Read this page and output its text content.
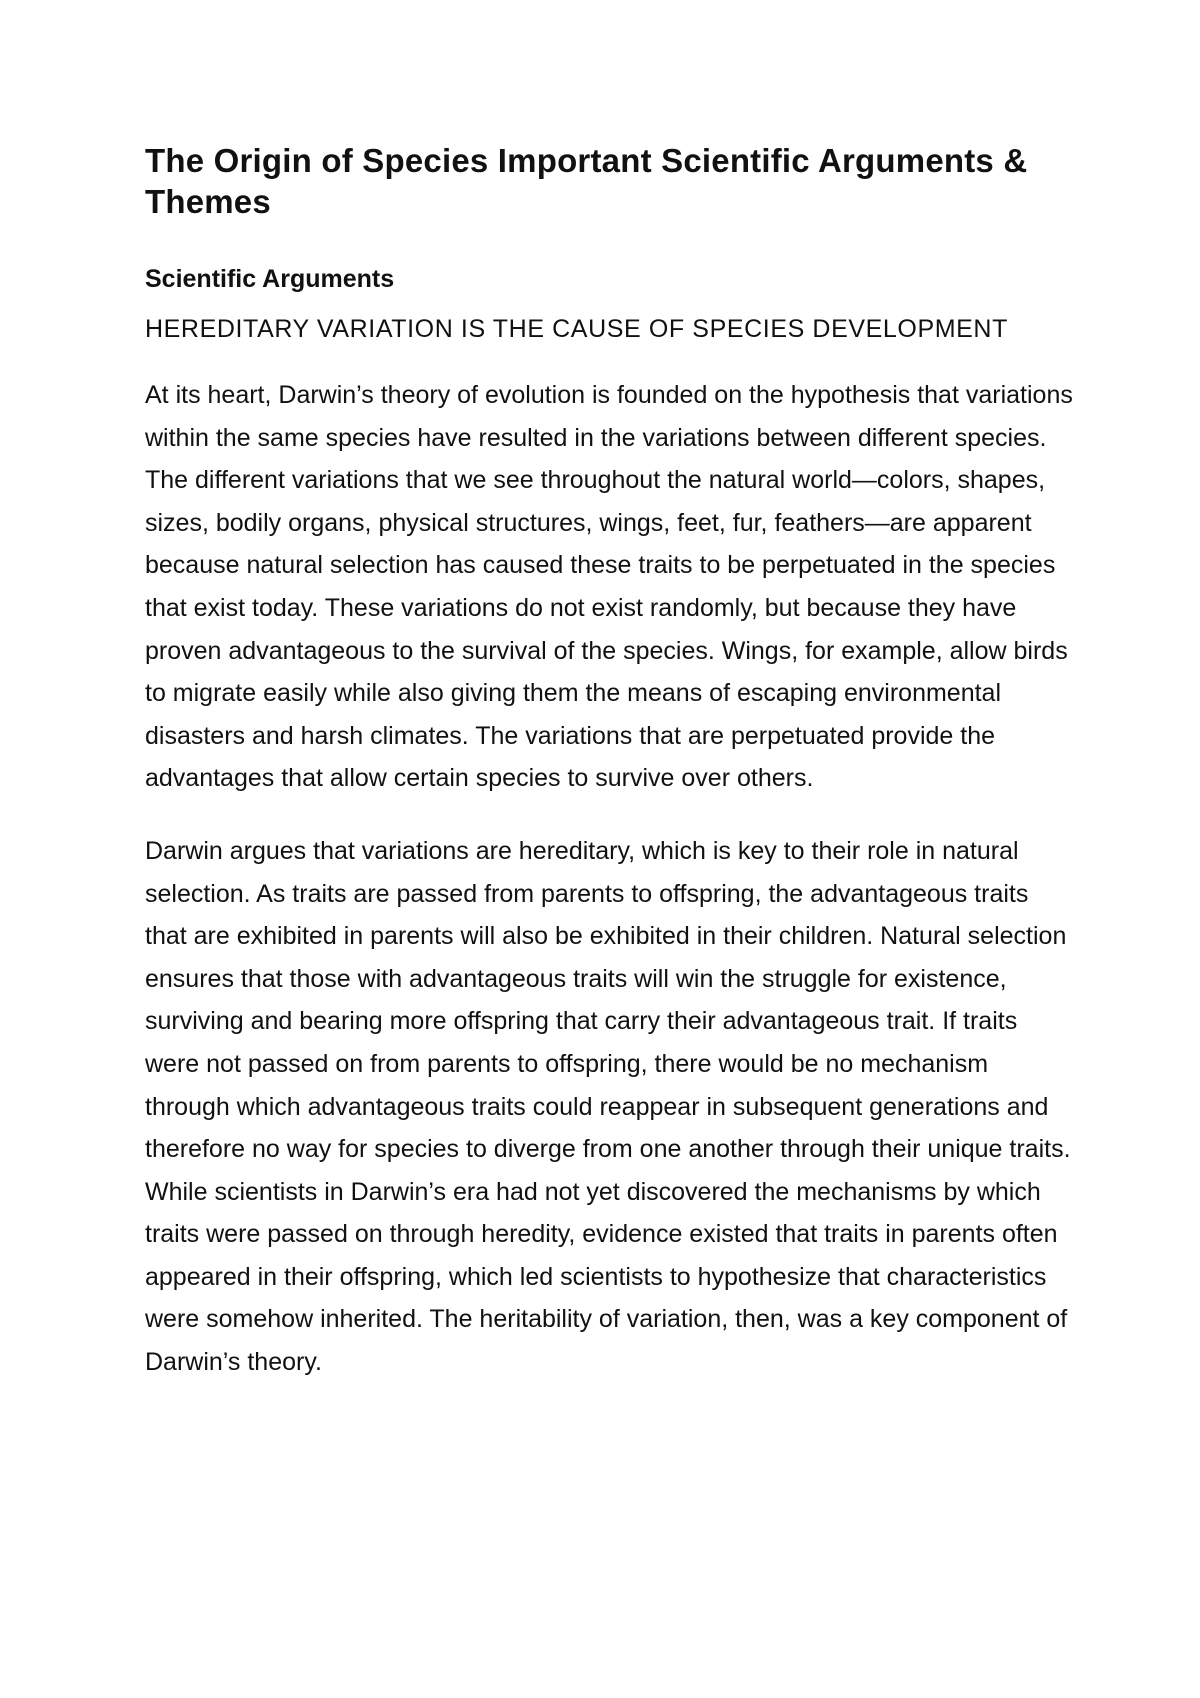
The Origin of Species Important Scientific Arguments & Themes
Scientific Arguments
HEREDITARY VARIATION IS THE CAUSE OF SPECIES DEVELOPMENT

At its heart, Darwin’s theory of evolution is founded on the hypothesis that variations within the same species have resulted in the variations between different species. The different variations that we see throughout the natural world—colors, shapes, sizes, bodily organs, physical structures, wings, feet, fur, feathers—are apparent because natural selection has caused these traits to be perpetuated in the species that exist today. These variations do not exist randomly, but because they have proven advantageous to the survival of the species. Wings, for example, allow birds to migrate easily while also giving them the means of escaping environmental disasters and harsh climates. The variations that are perpetuated provide the advantages that allow certain species to survive over others.

Darwin argues that variations are hereditary, which is key to their role in natural selection. As traits are passed from parents to offspring, the advantageous traits that are exhibited in parents will also be exhibited in their children. Natural selection ensures that those with advantageous traits will win the struggle for existence, surviving and bearing more offspring that carry their advantageous trait. If traits were not passed on from parents to offspring, there would be no mechanism through which advantageous traits could reappear in subsequent generations and therefore no way for species to diverge from one another through their unique traits. While scientists in Darwin’s era had not yet discovered the mechanisms by which traits were passed on through heredity, evidence existed that traits in parents often appeared in their offspring, which led scientists to hypothesize that characteristics were somehow inherited. The heritability of variation, then, was a key component of Darwin’s theory.
